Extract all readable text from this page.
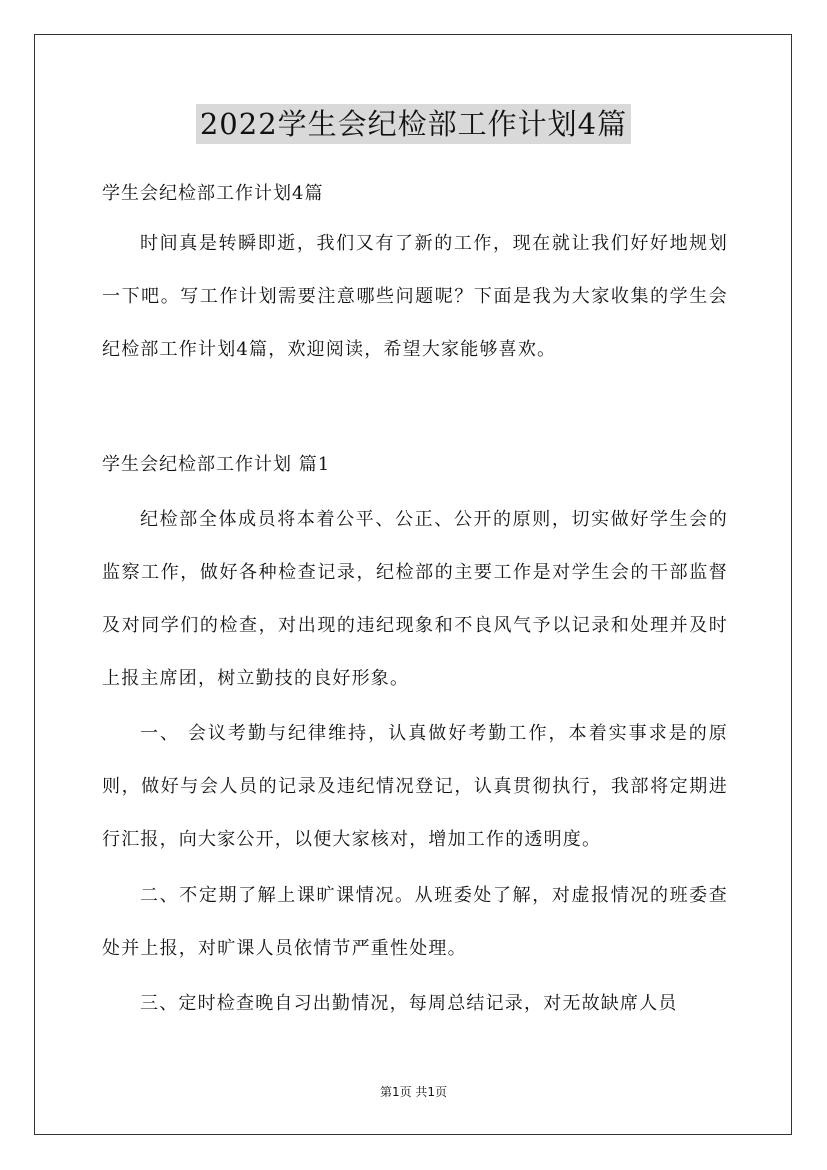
2022学生会纪检部工作计划4篇
学生会纪检部工作计划4篇

时间真是转瞬即逝，我们又有了新的工作，现在就让我们好好地规划一下吧。写工作计划需要注意哪些问题呢？下面是我为大家收集的学生会纪检部工作计划4篇，欢迎阅读，希望大家能够喜欢。

学生会纪检部工作计划 篇1

纪检部全体成员将本着公平、公正、公开的原则，切实做好学生会的监察工作，做好各种检查记录，纪检部的主要工作是对学生会的干部监督及对同学们的检查，对出现的违纪现象和不良风气予以记录和处理并及时上报主席团，树立勤技的良好形象。

一、 会议考勤与纪律维持，认真做好考勤工作，本着实事求是的原则，做好与会人员的记录及违纪情况登记，认真贯彻执行，我部将定期进行汇报，向大家公开，以便大家核对，增加工作的透明度。

二、不定期了解上课旷课情况。从班委处了解，对虚报情况的班委查处并上报，对旷课人员依情节严重性处理。

三、定时检查晚自习出勤情况，每周总结记录，对无故缺席人员

第1页 共1页
